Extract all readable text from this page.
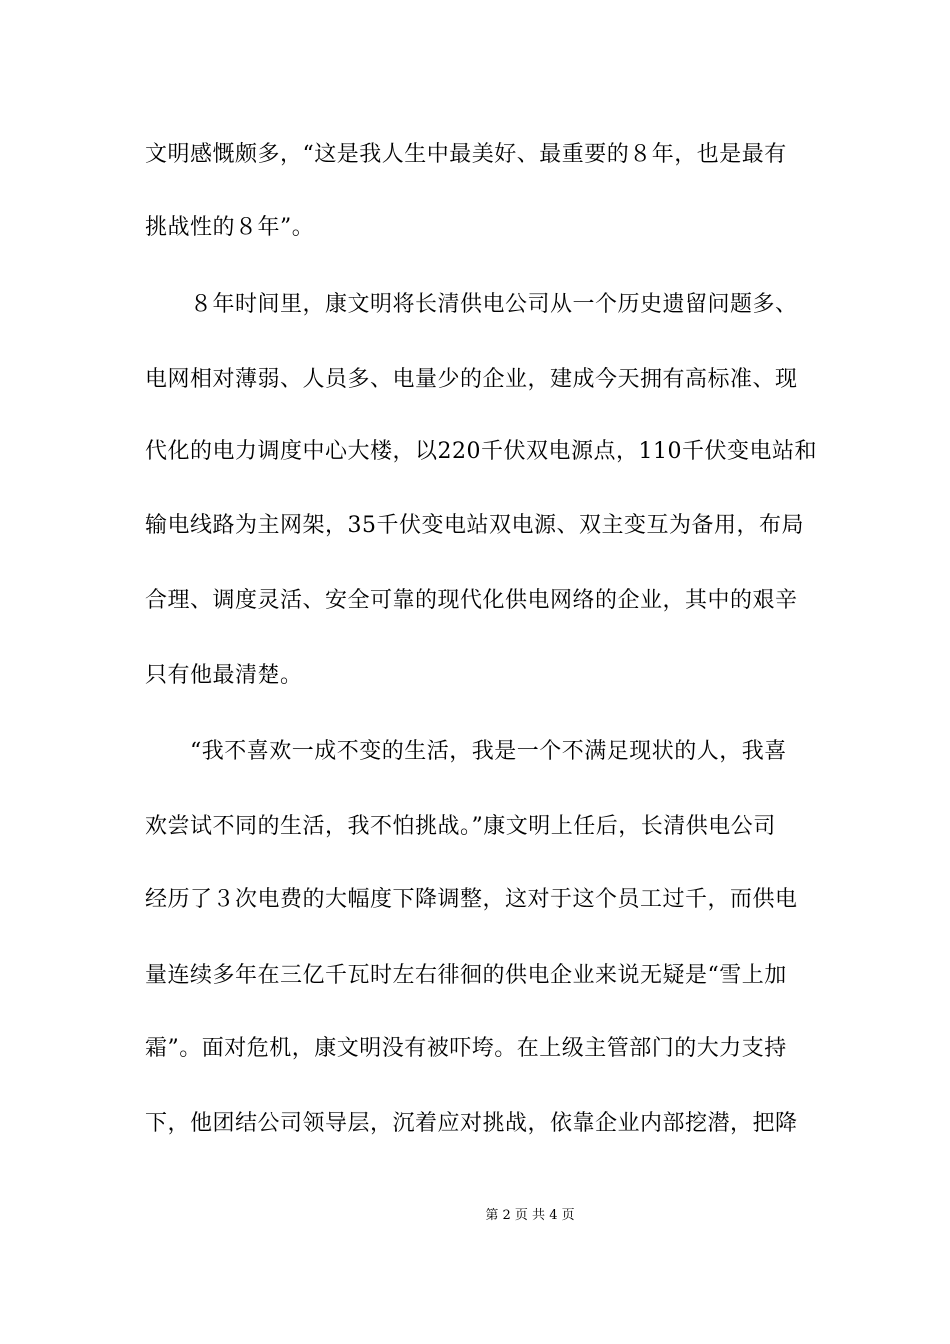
文明感慨颇多，“这是我人生中最美好、最重要的８年，也是最有
挑战性的８年”。
　　８年时间里，康文明将长清供电公司从一个历史遗留问题多、
电网相对薄弱、人员多、电量少的企业，建成今天拥有高标准、现
代化的电力调度中心大楼，以220千伏双电源点，110千伏变电站和
输电线路为主网架，35千伏变电站双电源、双主变互为备用，布局
合理、调度灵活、安全可靠的现代化供电网络的企业，其中的艰辛
只有他最清楚。
　　“我不喜欢一成不变的生活，我是一个不满足现状的人，我喜
欢尝试不同的生活，我不怕挑战。”康文明上任后，长清供电公司
经历了３次电费的大幅度下降调整，这对于这个员工过千，而供电
量连续多年在三亿千瓦时左右徘徊的供电企业来说无疑是“雪上加
霜”。面对危机，康文明没有被吓垮。在上级主管部门的大力支持
下，他团结公司领导层，沉着应对挑战，依靠企业内部挖潜，把降
第 2 页 共 4 页
